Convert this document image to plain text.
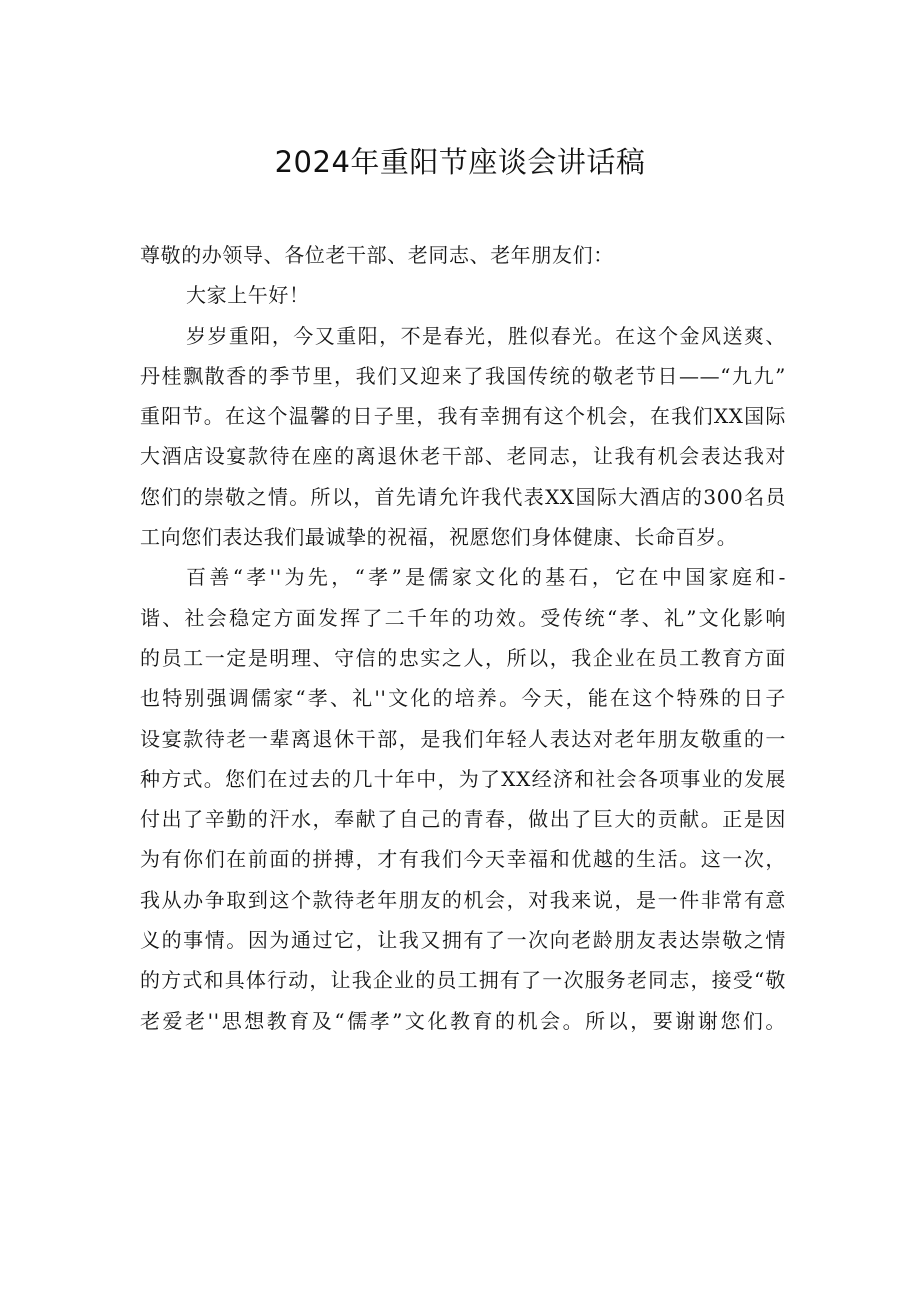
2024年重阳节座谈会讲话稿
尊敬的办领导、各位老干部、老同志、老年朋友们：
大家上午好！
岁岁重阳，今又重阳，不是春光，胜似春光。在这个金风送爽、
丹桂飘散香的季节里，我们又迎来了我国传统的敬老节日——“九九”
重阳节。在这个温馨的日子里，我有幸拥有这个机会，在我们XX国际
大酒店设宴款待在座的离退休老干部、老同志，让我有机会表达我对
您们的崇敬之情。所以，首先请允许我代表XX国际大酒店的300名员
工向您们表达我们最诚挚的祝福，祝愿您们身体健康、长命百岁。
百善“孝''为先，“孝”是儒家文化的基石，它在中国家庭和-
谐、社会稳定方面发挥了二千年的功效。受传统“孝、礼”文化影响
的员工一定是明理、守信的忠实之人，所以，我企业在员工教育方面
也特别强调儒家“孝、礼''文化的培养。今天，能在这个特殊的日子
设宴款待老一辈离退休干部，是我们年轻人表达对老年朋友敬重的一
种方式。您们在过去的几十年中，为了XX经济和社会各项事业的发展
付出了辛勤的汗水，奉献了自己的青春，做出了巨大的贡献。正是因
为有你们在前面的拼搏，才有我们今天幸福和优越的生活。这一次，
我从办争取到这个款待老年朋友的机会，对我来说，是一件非常有意
义的事情。因为通过它，让我又拥有了一次向老龄朋友表达崇敬之情
的方式和具体行动，让我企业的员工拥有了一次服务老同志，接受“敬
老爱老''思想教育及“儒孝”文化教育的机会。所以，要谢谢您们。
